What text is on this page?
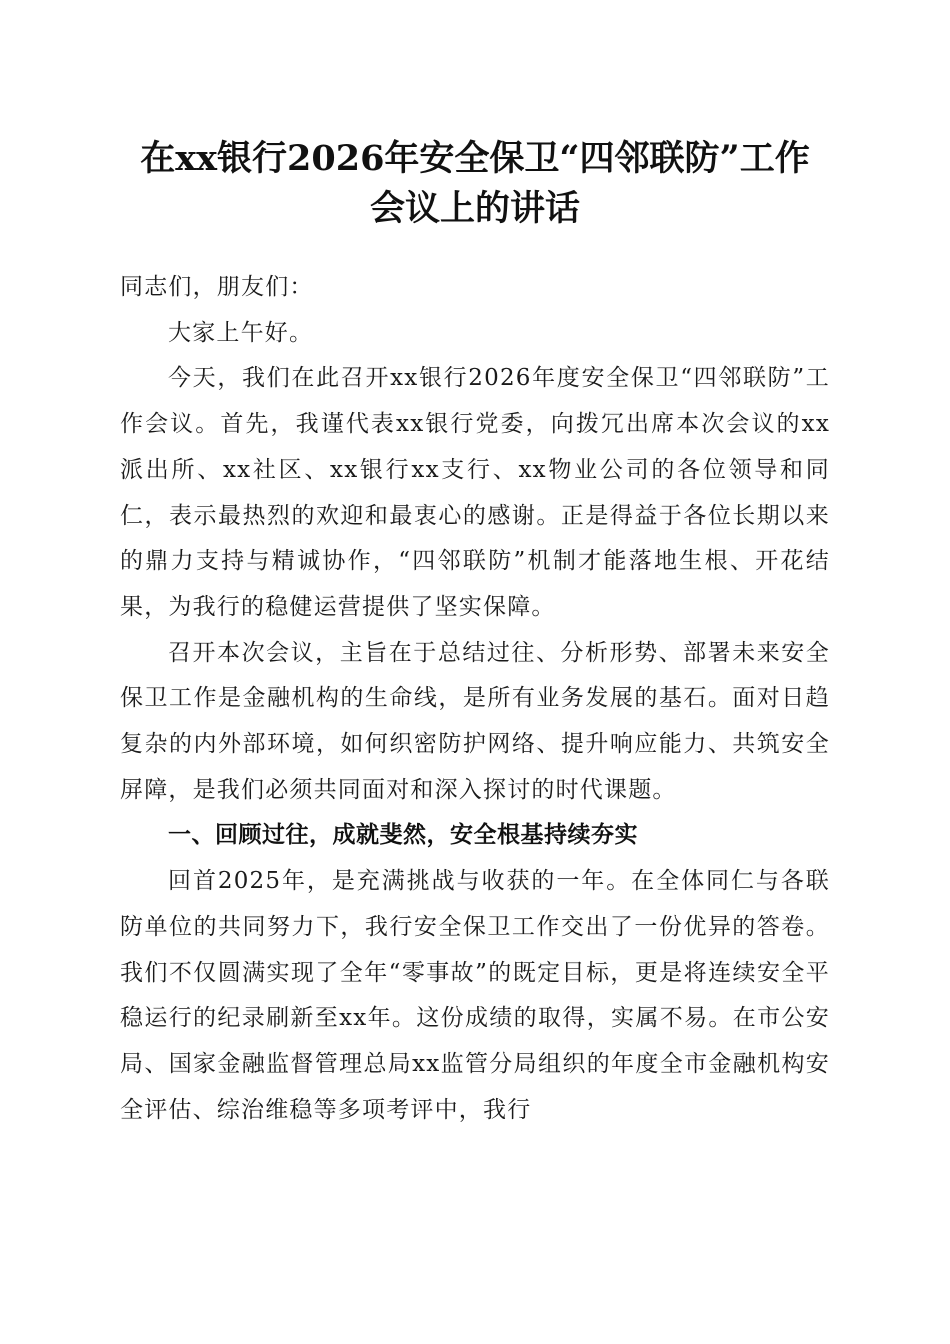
在xx银行2026年安全保卫“四邻联防”工作
会议上的讲话

同志们，朋友们：

大家上午好。

今天，我们在此召开xx银行2026年度安全保卫“四邻联防”工作会议。首先，我谨代表xx银行党委，向拨冗出席本次会议的xx派出所、xx社区、xx银行xx支行、xx物业公司的各位领导和同仁，表示最热烈的欢迎和最衷心的感谢。正是得益于各位长期以来的鼎力支持与精诚协作，“四邻联防”机制才能落地生根、开花结果，为我行的稳健运营提供了坚实保障。

召开本次会议，主旨在于总结过往、分析形势、部署未来安全保卫工作是金融机构的生命线，是所有业务发展的基石。面对日趋复杂的内外部环境，如何织密防护网络、提升响应能力、共筑安全屏障，是我们必须共同面对和深入探讨的时代课题。

一、回顾过往，成就斐然，安全根基持续夯实

回首2025年，是充满挑战与收获的一年。在全体同仁与各联防单位的共同努力下，我行安全保卫工作交出了一份优异的答卷。我们不仅圆满实现了全年“零事故”的既定目标，更是将连续安全平稳运行的纪录刷新至xx年。这份成绩的取得，实属不易。在市公安局、国家金融监督管理总局xx监管分局组织的年度全市金融机构安全评估、综治维稳等多项考评中，我行
